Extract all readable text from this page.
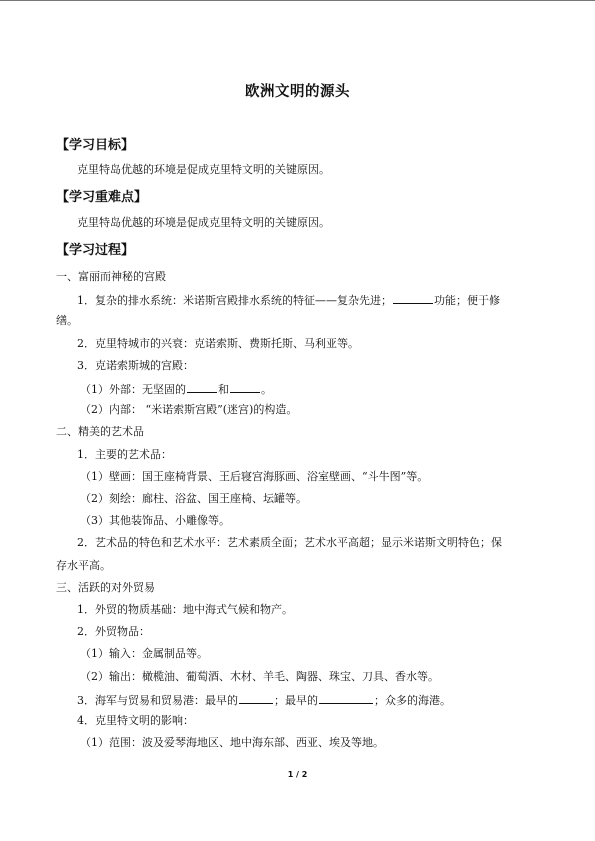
欧洲文明的源头
【学习目标】
克里特岛优越的环境是促成克里特文明的关键原因。
【学习重难点】
克里特岛优越的环境是促成克里特文明的关键原因。
【学习过程】
一、富丽而神秘的宫殿
1．复杂的排水系统：米诺斯宫殿排水系统的特征——复杂先进；	功能；便于修
缮。
2．克里特城市的兴衰：克诺索斯、费斯托斯、马利亚等。
3．克诺索斯城的宫殿：
（1）外部：无坚固的	和	。
（2）内部： “米诺索斯宫殿”(迷宫)的构造。
二、精美的艺术品
1．主要的艺术品：
（1）壁画：国王座椅背景、王后寝宫海豚画、浴室壁画、“斗牛图”等。
（2）刻绘：廊柱、浴盆、国王座椅、坛罐等。
（3）其他装饰品、小雕像等。
2．艺术品的特色和艺术水平：艺术素质全面；艺术水平高超；显示米诺斯文明特色；保
存水平高。
三、活跃的对外贸易
1．外贸的物质基础：地中海式气候和物产。
2．外贸物品：
（1）输入：金属制品等。
（2）输出：橄榄油、葡萄酒、木材、羊毛、陶器、珠宝、刀具、香水等。
3．海军与贸易和贸易港：最早的	；最早的	；众多的海港。
4．克里特文明的影响：
（1）范围：波及爱琴海地区、地中海东部、西亚、埃及等地。
1 / 2
